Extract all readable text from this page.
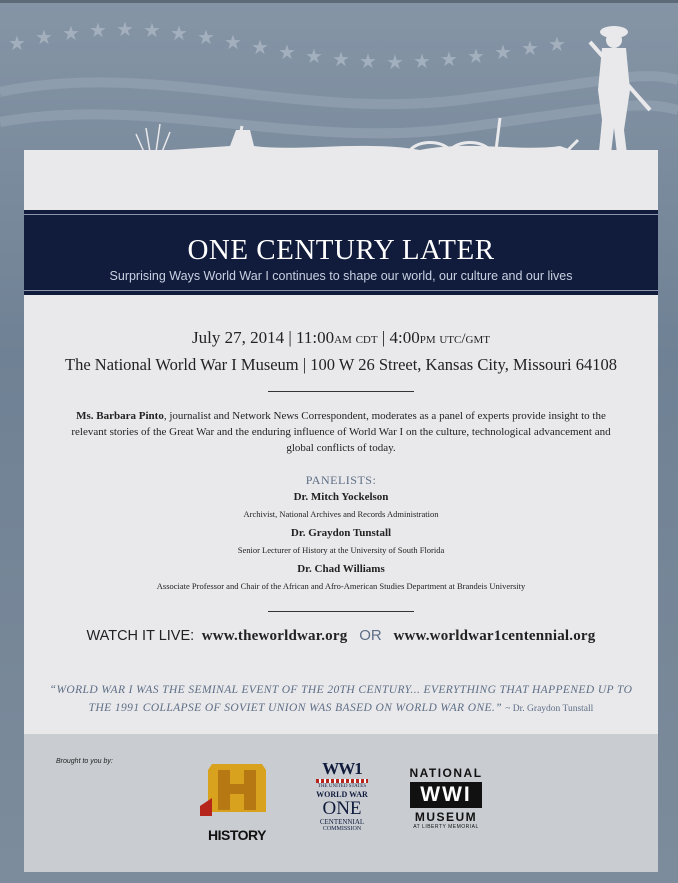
★ ★ ★ ★ ★ ★ ★ ★ ★ ★ ★ ★ ★ ★ ★ ★ ★ ★ ★ ★ ★
ONE CENTURY LATER
Surprising Ways World War I continues to shape our world, our culture and our lives
July 27, 2014 | 11:00am cdt | 4:00pm utc/gmt
The National World War I Museum | 100 W 26 Street, Kansas City, Missouri 64108
Ms. Barbara Pinto, journalist and Network News Correspondent, moderates as a panel of experts provide insight to the relevant stories of the Great War and the enduring influence of World War I on the culture, technological advancement and global conflicts of today.
PANELISTS:
Dr. Mitch Yockelson
Archivist, National Archives and Records Administration
Dr. Graydon Tunstall
Senior Lecturer of History at the University of South Florida
Dr. Chad Williams
Associate Professor and Chair of the African and Afro-American Studies Department at Brandeis University
WATCH IT LIVE: www.theworldwar.org OR www.worldwar1centennial.org
“WORLD WAR I WAS THE SEMINAL EVENT OF THE 20TH CENTURY... EVERYTHING THAT HAPPENED UP TO THE 1991 COLLAPSE OF SOVIET UNION WAS BASED ON WORLD WAR ONE.” ~ Dr. Graydon Tunstall
Brought to you by:
HISTORY
WW1
THE UNITED STATES
WORLD WAR
ONE
CENTENNIAL
COMMISSION
NATIONAL
WWI
MUSEUM
AT LIBERTY MEMORIAL
